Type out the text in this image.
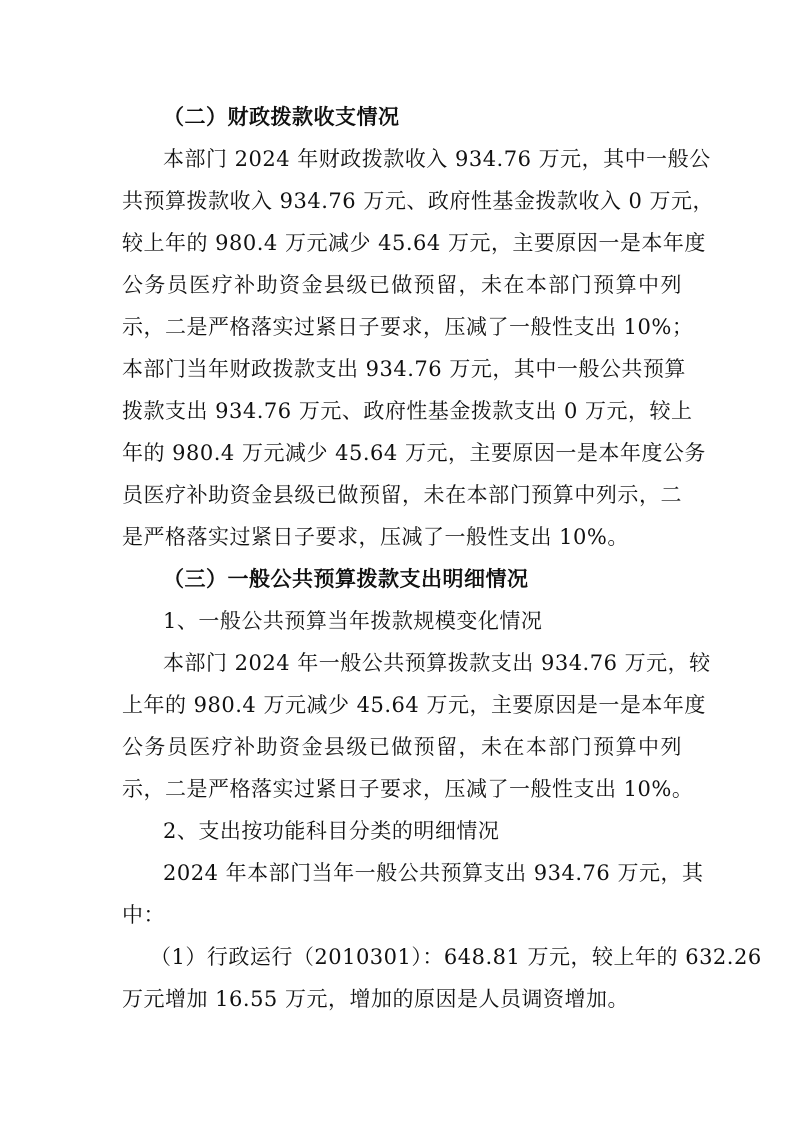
（二）财政拨款收支情况
本部门 2024 年财政拨款收入 934.76 万元，其中一般公
共预算拨款收入 934.76 万元、政府性基金拨款收入 0 万元，
较上年的 980.4 万元减少 45.64 万元，主要原因一是本年度
公务员医疗补助资金县级已做预留，未在本部门预算中列
示，二是严格落实过紧日子要求，压减了一般性支出 10%；
本部门当年财政拨款支出 934.76 万元，其中一般公共预算
拨款支出 934.76 万元、政府性基金拨款支出 0 万元，较上
年的 980.4 万元减少 45.64 万元，主要原因一是本年度公务
员医疗补助资金县级已做预留，未在本部门预算中列示，二
是严格落实过紧日子要求，压减了一般性支出 10%。
（三）一般公共预算拨款支出明细情况
1、一般公共预算当年拨款规模变化情况
本部门 2024 年一般公共预算拨款支出 934.76 万元，较
上年的 980.4 万元减少 45.64 万元，主要原因是一是本年度
公务员医疗补助资金县级已做预留，未在本部门预算中列
示，二是严格落实过紧日子要求，压减了一般性支出 10%。
2、支出按功能科目分类的明细情况
2024 年本部门当年一般公共预算支出 934.76 万元，其
中：
（1）行政运行（2010301）：648.81 万元，较上年的 632.26
万元增加 16.55 万元，增加的原因是人员调资增加。
